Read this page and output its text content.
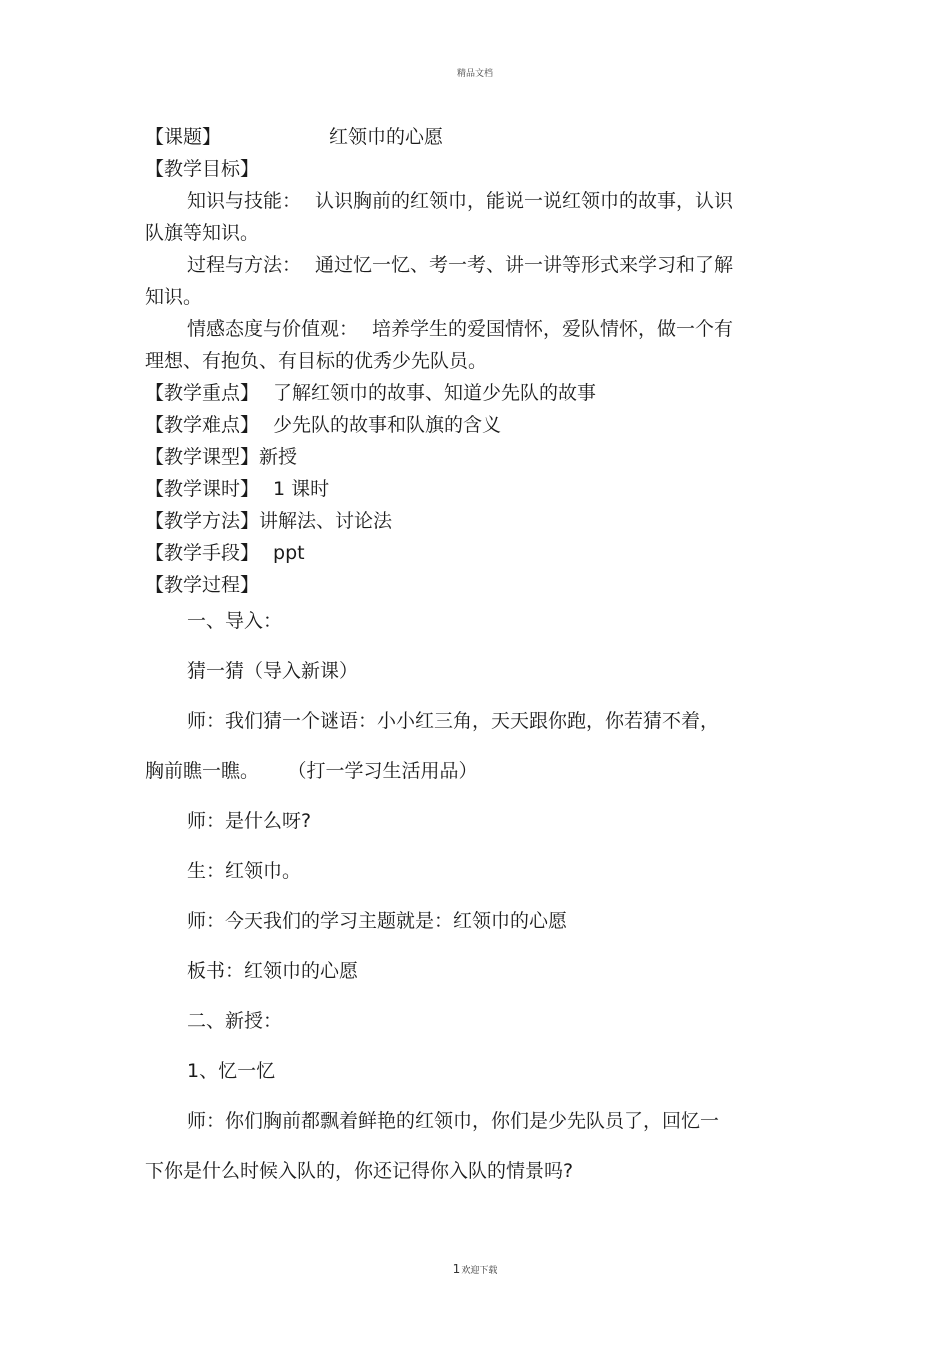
精品文档
【课题】	红领巾的心愿
【教学目标】
知识与技能： 认识胸前的红领巾，能说一说红领巾的故事，认识
队旗等知识。
过程与方法： 通过忆一忆、考一考、讲一讲等形式来学习和了解
知识。
情感态度与价值观： 培养学生的爱国情怀，爱队情怀，做一个有
理想、有抱负、有目标的优秀少先队员。
【教学重点】 了解红领巾的故事、知道少先队的故事
【教学难点】 少先队的故事和队旗的含义
【教学课型】新授
【教学课时】 1 课时
【教学方法】讲解法、讨论法
【教学手段】 ppt
【教学过程】
一、导入：
猜一猜（导入新课）
师：我们猜一个谜语：小小红三角，天天跟你跑，你若猜不着，
胸前瞧一瞧。 （打一学习生活用品）
师：是什么呀?
生：红领巾。
师：今天我们的学习主题就是：红领巾的心愿
板书：红领巾的心愿
二、新授：
1、忆一忆
师：你们胸前都飘着鲜艳的红领巾，你们是少先队员了，回忆一
下你是什么时候入队的，你还记得你入队的情景吗?
1欢迎下载
